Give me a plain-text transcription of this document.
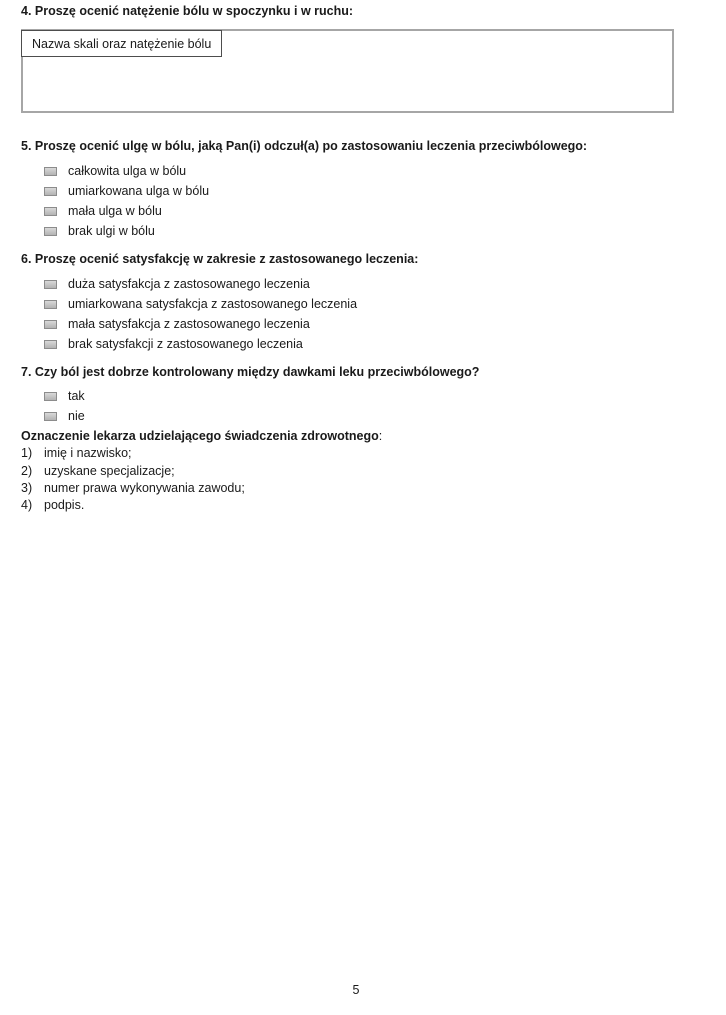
4. Proszę ocenić natężenie bólu w spoczynku i w ruchu:
Nazwa skali oraz natężenie bólu
5. Proszę ocenić ulgę w bólu, jaką Pan(i) odczuł(a) po zastosowaniu leczenia przeciwbólowego:
całkowita ulga w bólu
umiarkowana ulga w bólu
mała ulga w bólu
brak ulgi w bólu
6. Proszę ocenić satysfakcję w zakresie z zastosowanego leczenia:
duża satysfakcja z zastosowanego leczenia
umiarkowana satysfakcja z zastosowanego leczenia
mała satysfakcja z zastosowanego leczenia
brak satysfakcji z zastosowanego leczenia
7. Czy ból jest dobrze kontrolowany między dawkami leku przeciwbólowego?
tak
nie
Oznaczenie lekarza udzielającego świadczenia zdrowotnego:
1) imię i nazwisko;
2) uzyskane specjalizacje;
3) numer prawa wykonywania zawodu;
4) podpis.
5
